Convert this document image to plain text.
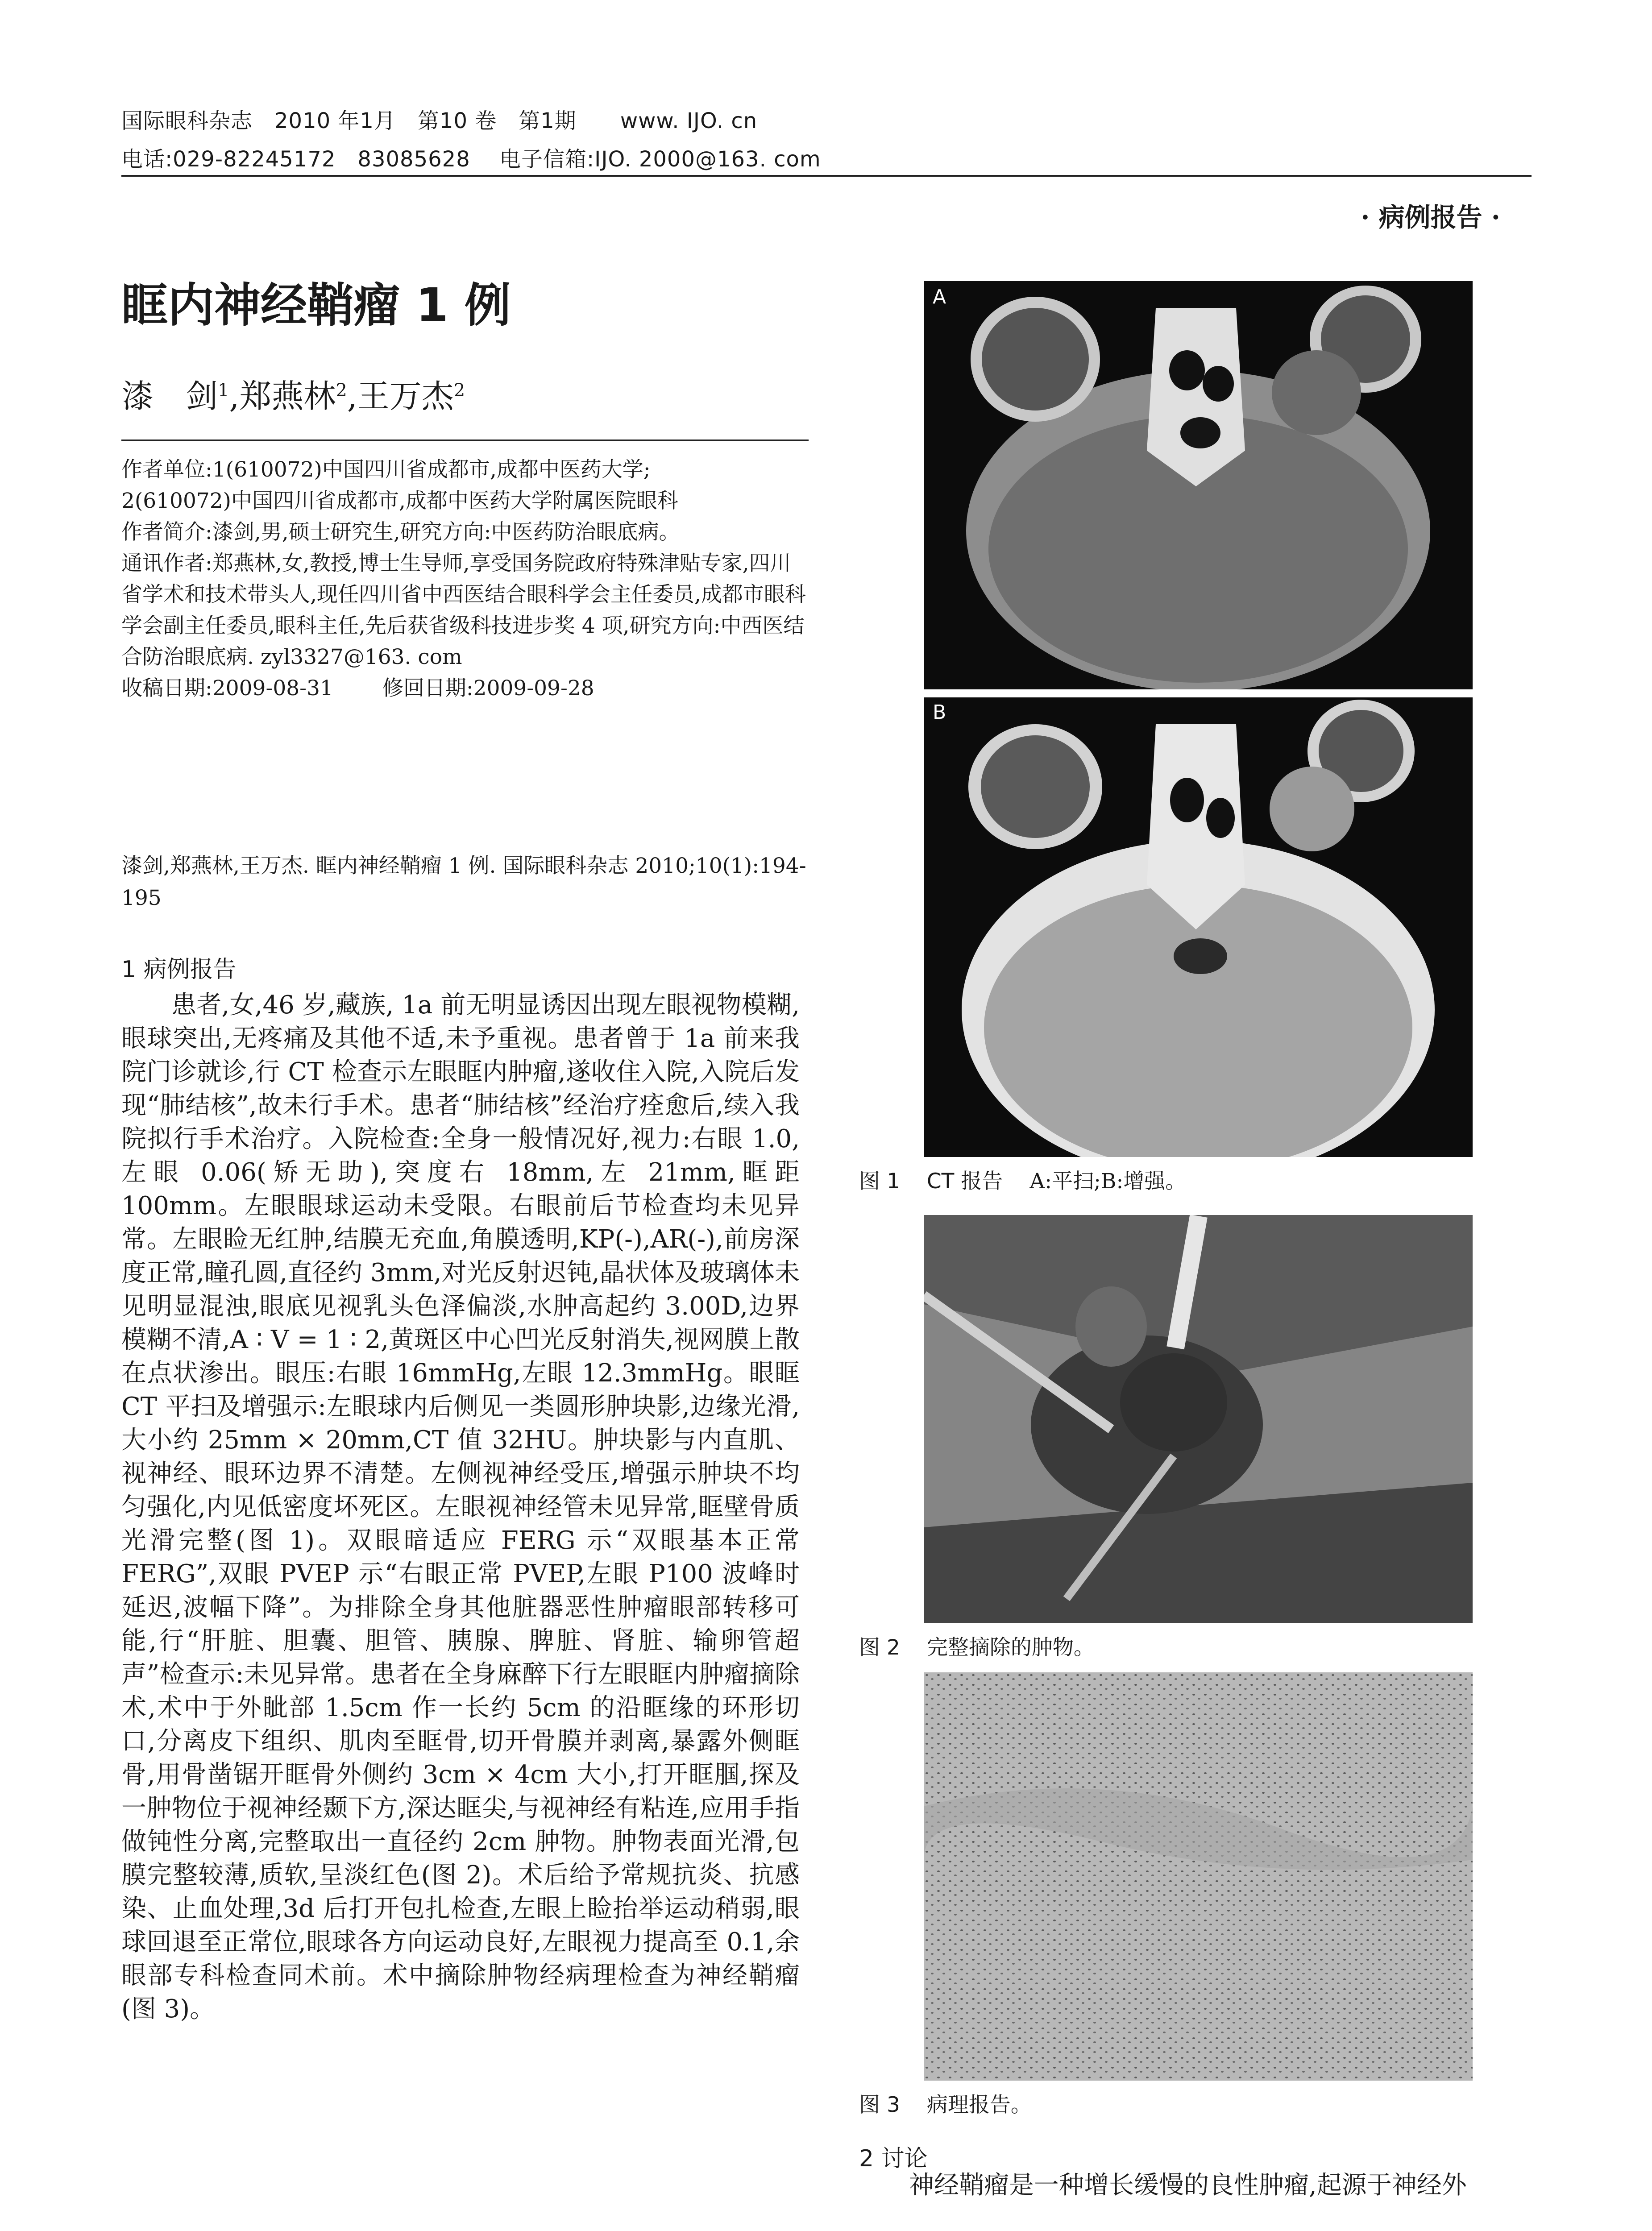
国际眼科杂志　2010 年1月　第10 卷　第1期　　www. IJO. cn
电话:029-82245172　83085628　 电子信箱:IJO. 2000@163. com
· 病例报告 ·
眶内神经鞘瘤 1 例
漆　剑$^1$,郑燕林$^2$,王万杰$^2$

作者单位:1(610072)中国四川省成都市,成都中医药大学;

2(610072)中国四川省成都市,成都中医药大学附属医院眼科

作者简介:漆剑,男,硕士研究生,研究方向:中医药防治眼底病。

通讯作者:郑燕林,女,教授,博士生导师,享受国务院政府特殊津贴专家,四川省学术和技术带头人,现任四川省中西医结合眼科学会主任委员,成都市眼科学会副主任委员,眼科主任,先后获省级科技进步奖 4 项,研究方向:中西医结合防治眼底病. zyl3327@163. com

收稿日期:2009-08-31 修回日期:2009-09-28

漆剑,郑燕林,王万杰. 眶内神经鞘瘤 1 例. 国际眼科杂志 2010;10(1):194-195
1 病例报告
患者,女,46 岁,藏族, 1a 前无明显诱因出现左眼视物模糊,眼球突出,无疼痛及其他不适,未予重视。患者曾于 1a 前来我院门诊就诊,行 CT 检查示左眼眶内肿瘤,遂收住入院,入院后发现“肺结核”,故未行手术。患者“肺结核”经治疗痊愈后,续入我院拟行手术治疗。入院检查:全身一般情况好,视力:右眼 1.0,左眼 0.06(矫无助),突度右 18mm,左 21mm,眶距 100mm。左眼眼球运动未受限。右眼前后节检查均未见异常。左眼睑无红肿,结膜无充血,角膜透明,KP(-),AR(-),前房深度正常,瞳孔圆,直径约 3mm,对光反射迟钝,晶状体及玻璃体未见明显混浊,眼底见视乳头色泽偏淡,水肿高起约 3.00D,边界模糊不清,A ∶ V = 1 ∶ 2,黄斑区中心凹光反射消失,视网膜上散在点状渗出。眼压:右眼 16mmHg,左眼 12.3mmHg。眼眶 CT 平扫及增强示:左眼球内后侧见一类圆形肿块影,边缘光滑,大小约 25mm × 20mm,CT 值 32HU。肿块影与内直肌、视神经、眼环边界不清楚。左侧视神经受压,增强示肿块不均匀强化,内见低密度坏死区。左眼视神经管未见异常,眶壁骨质光滑完整(图 1)。双眼暗适应 FERG 示“双眼基本正常 FERG”,双眼 PVEP 示“右眼正常 PVEP,左眼 P100 波峰时延迟,波幅下降”。为排除全身其他脏器恶性肿瘤眼部转移可能,行“肝脏、胆囊、胆管、胰腺、脾脏、肾脏、输卵管超声”检查示:未见异常。患者在全身麻醉下行左眼眶内肿瘤摘除术,术中于外眦部 1.5cm 作一长约 5cm 的沿眶缘的环形切口,分离皮下组织、肌肉至眶骨,切开骨膜并剥离,暴露外侧眶骨,用骨凿锯开眶骨外侧约 3cm × 4cm 大小,打开眶腘,探及一肿物位于视神经颞下方,深达眶尖,与视神经有粘连,应用手指做钝性分离,完整取出一直径约 2cm 肿物。肿物表面光滑,包膜完整较薄,质软,呈淡红色(图 2)。术后给予常规抗炎、抗感染、止血处理,3d 后打开包扎检查,左眼上睑抬举运动稍弱,眼球回退至正常位,眼球各方向运动良好,左眼视力提高至 0.1,余眼部专科检查同术前。术中摘除肿物经病理检查为神经鞘瘤(图 3)。
A
B
图 1 CT 报告 A:平扫;B:增强。
图 2 完整摘除的肿物。
图 3 病理报告。
2 讨论
神经鞘瘤是一种增长缓慢的良性肿瘤,起源于神经外
